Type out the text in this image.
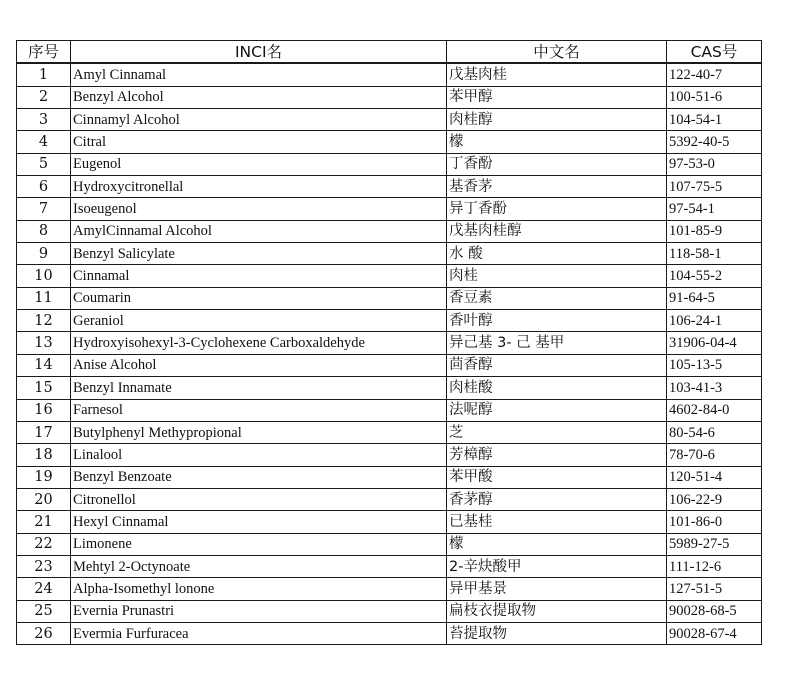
序号	INCI名	中文名	CAS号
1	Amyl Cinnamal	戊基肉桂	122-40-7
2	Benzyl Alcohol	苯甲醇	100-51-6
3	Cinnamyl Alcohol	肉桂醇	104-54-1
4	Citral	檬	5392-40-5
5	Eugenol	丁香酚	97-53-0
6	Hydroxycitronellal	基香茅	107-75-5
7	Isoeugenol	异丁香酚	97-54-1
8	AmylCinnamal Alcohol	戊基肉桂醇	101-85-9
9	Benzyl Salicylate	水 酸	118-58-1
10	Cinnamal	肉桂	104-55-2
11	Coumarin	香豆素	91-64-5
12	Geraniol	香叶醇	106-24-1
13	Hydroxyisohexyl-3-Cyclohexene Carboxaldehyde	异己基 3- 己 基甲	31906-04-4
14	Anise Alcohol	茴香醇	105-13-5
15	Benzyl Innamate	肉桂酸	103-41-3
16	Farnesol	法呢醇	4602-84-0
17	Butylphenyl Methypropional	芝	80-54-6
18	Linalool	芳樟醇	78-70-6
19	Benzyl Benzoate	苯甲酸	120-51-4
20	Citronellol	香茅醇	106-22-9
21	Hexyl Cinnamal	已基桂	101-86-0
22	Limonene	檬	5989-27-5
23	Mehtyl 2-Octynoate	2-辛炔酸甲	111-12-6
24	Alpha-Isomethyl lonone	异甲基景	127-51-5
25	Evernia Prunastri	扁枝衣提取物	90028-68-5
26	Evermia Furfuracea	苔提取物	90028-67-4
